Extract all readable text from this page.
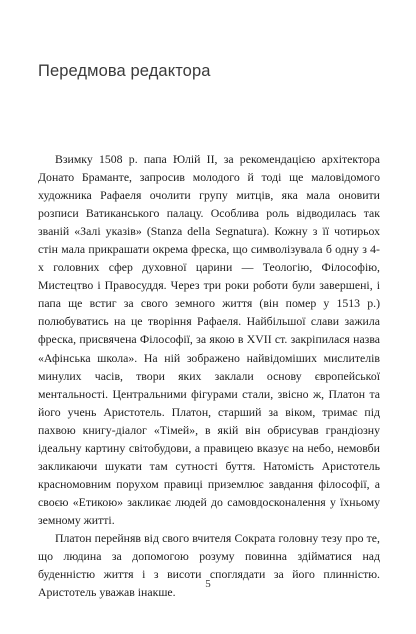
Передмова редактора

Взимку 1508 р. папа Юлій II, за рекомендацією архітектора Донато Браманте, запросив молодого й тоді ще маловідомого художника Рафаеля очолити групу митців, яка мала оновити розписи Ватиканського палацу. Особлива роль відводилась так званій «Залі указів» (Stanza della Segnatura). Кожну з її чотирьох стін мала прикрашати окрема фреска, що символізувала б одну з 4-х головних сфер духовної царини — Теологію, Філософію, Мистецтво і Правосуддя. Через три роки роботи були завершені, і папа ще встиг за свого земного життя (він помер у 1513 р.) полюбуватись на це творіння Рафаеля. Найбільшої слави зажила фреска, присвячена Філософії, за якою в XVII ст. закріпилася назва «Афінська школа». На ній зображено найвідоміших мислителів минулих часів, твори яких заклали основу європейської ментальності. Центральними фігурами стали, звісно ж, Платон та його учень Аристотель. Платон, старший за віком, тримає під пахвою книгу-діалог «Тімей», в якій він обрисував грандіозну ідеальну картину світобудови, а правицею вказує на небо, немовби закликаючи шукати там сутності буття. Натомість Аристотель красномовним порухом правиці приземлює завдання філософії, а своєю «Етикою» закликає людей до самовдосконалення у їхньому земному житті.

Платон перейняв від свого вчителя Сократа головну тезу про те, що людина за допомогою розуму повинна здійматися над буденністю життя і з висоти споглядати за його плинністю. Аристотель уважав інакше.

5
